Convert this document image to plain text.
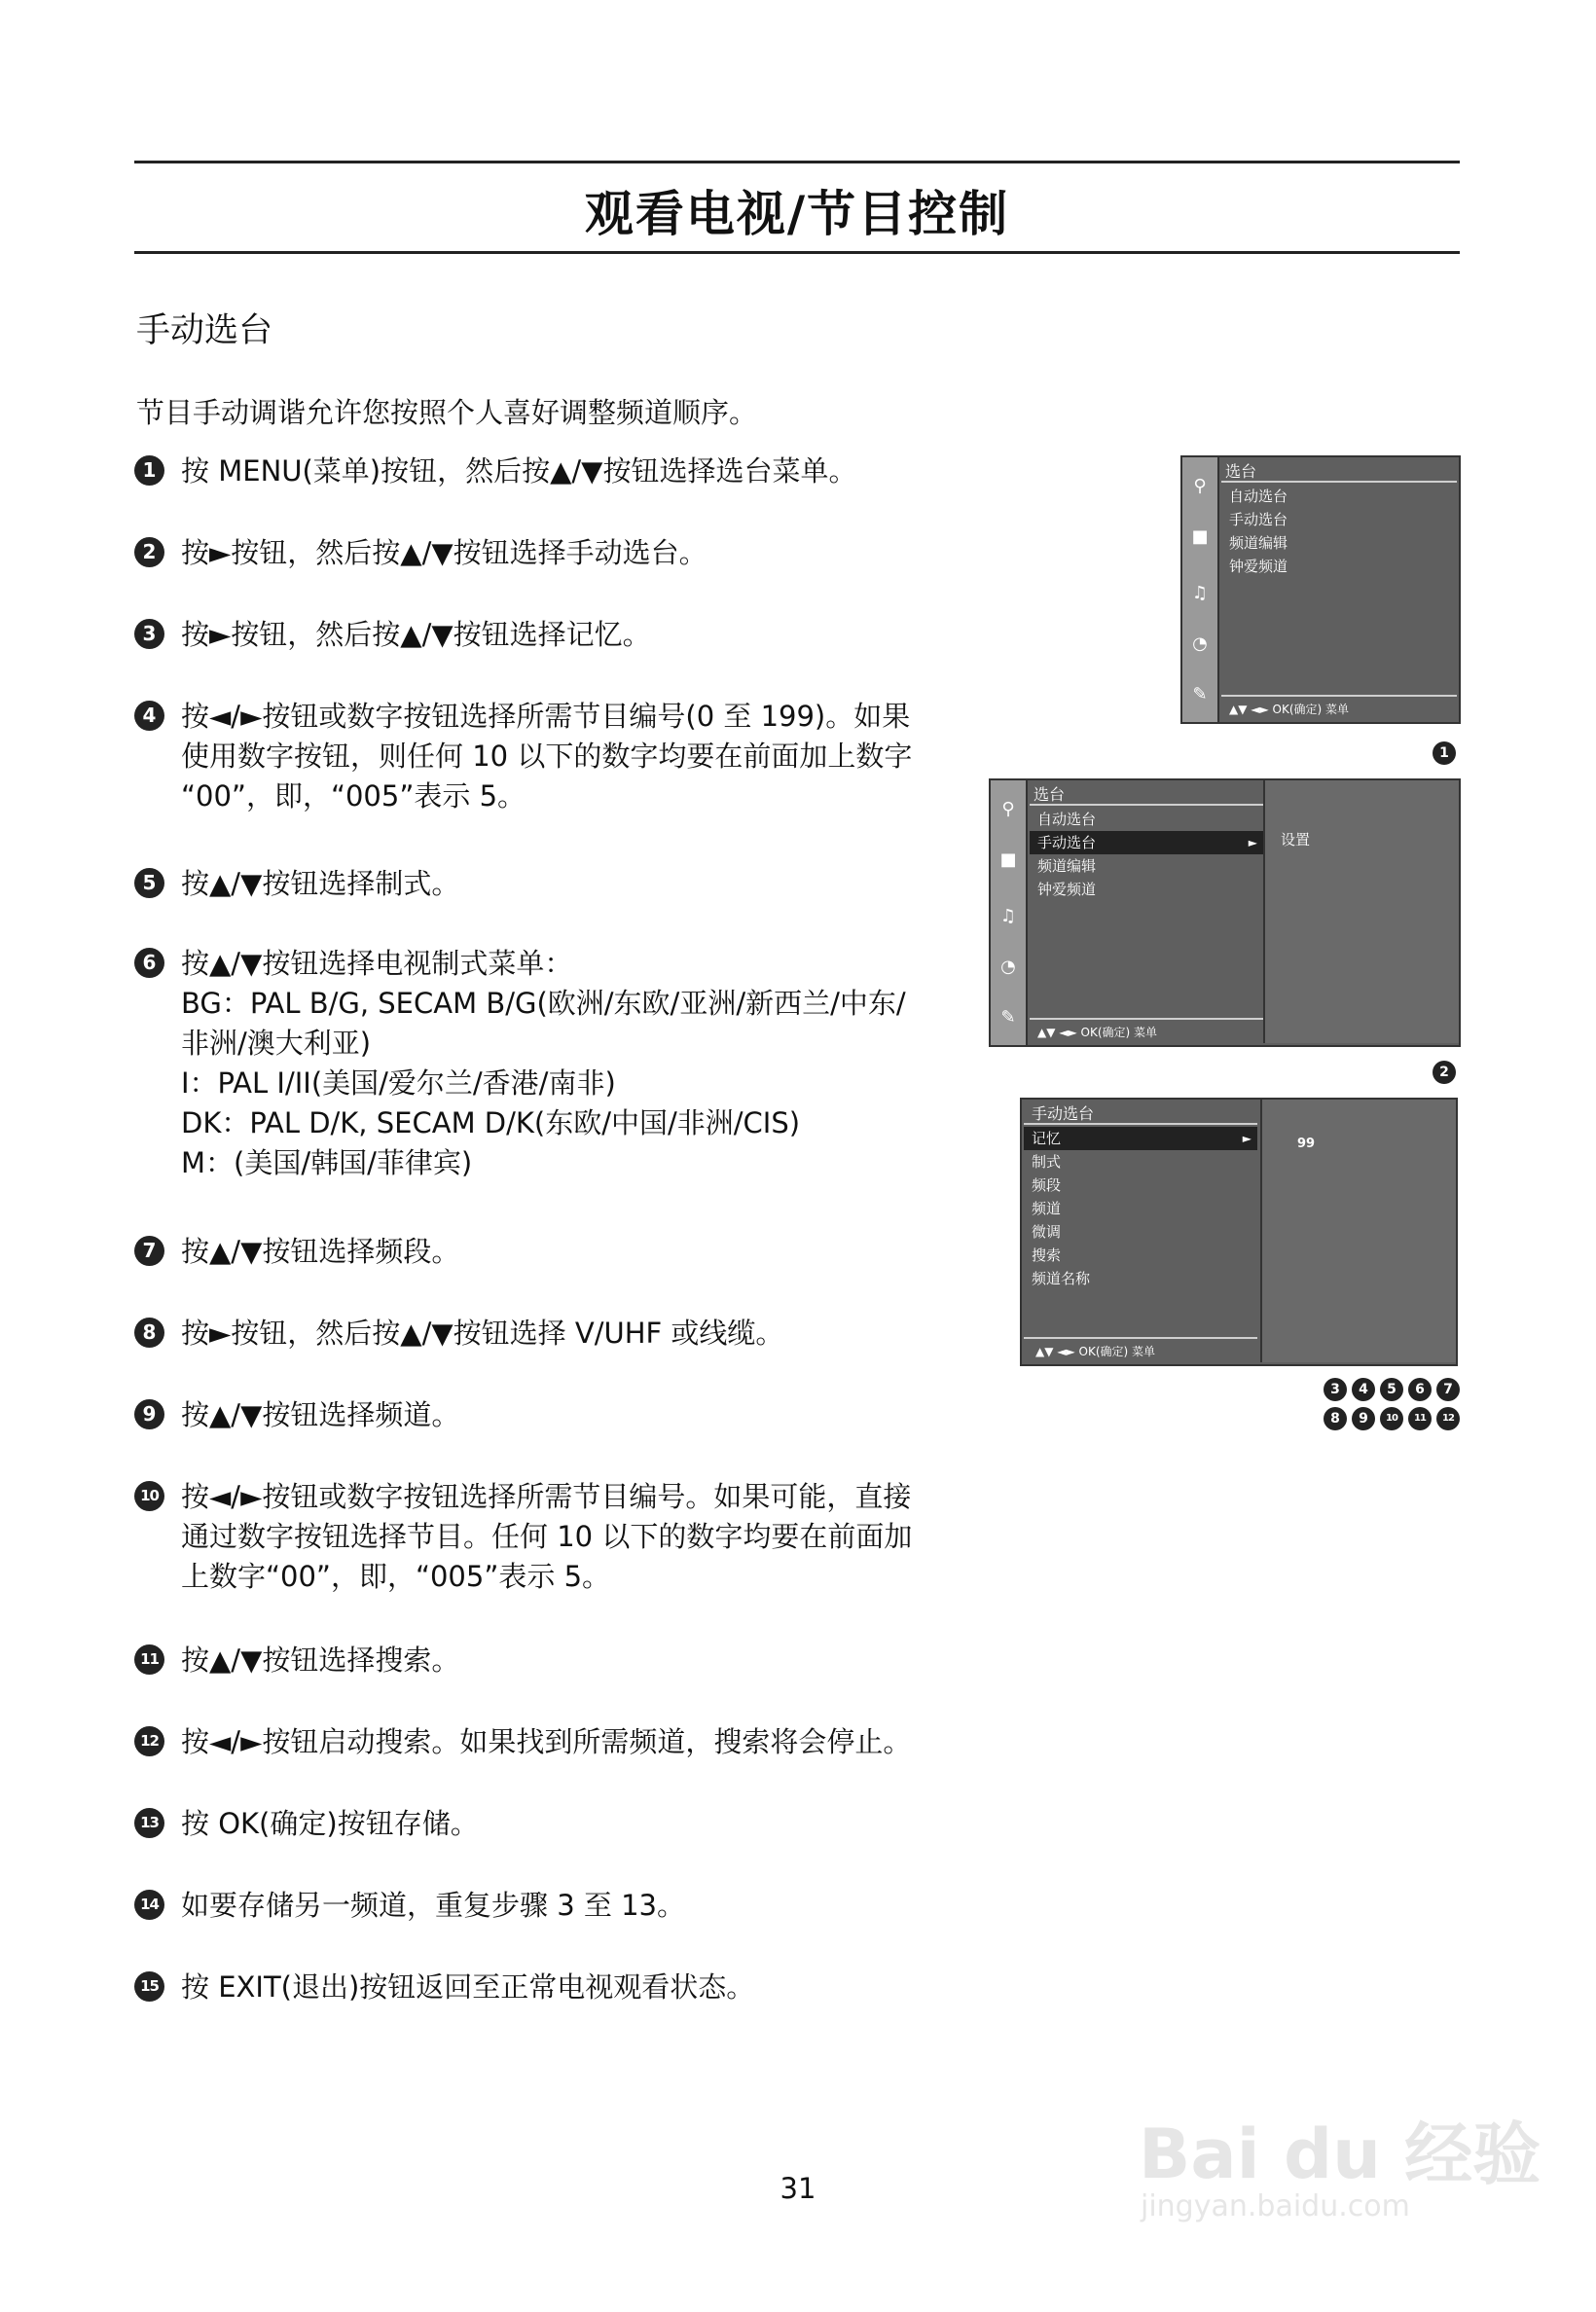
观看电视/节目控制
手动选台
节目手动调谐允许您按照个人喜好调整频道顺序。
1 按 MENU(菜单)按钮，然后按▲/▼按钮选择选台菜单。
2 按►按钮，然后按▲/▼按钮选择手动选台。
3 按►按钮，然后按▲/▼按钮选择记忆。
4 按◄/►按钮或数字按钮选择所需节目编号(0 至 199)。如果
使用数字按钮，则任何 10 以下的数字均要在前面加上数字
“00”，即，“005”表示 5。
5 按▲/▼按钮选择制式。
6 按▲/▼按钮选择电视制式菜单：
BG：PAL B/G, SECAM B/G(欧洲/东欧/亚洲/新西兰/中东/
非洲/澳大利亚)
I：PAL I/II(美国/爱尔兰/香港/南非)
DK：PAL D/K, SECAM D/K(东欧/中国/非洲/CIS)
M：(美国/韩国/菲律宾)
7 按▲/▼按钮选择频段。
8 按►按钮，然后按▲/▼按钮选择 V/UHF 或线缆。
9 按▲/▼按钮选择频道。
10 按◄/►按钮或数字按钮选择所需节目编号。如果可能，直接
通过数字按钮选择节目。任何 10 以下的数字均要在前面加
上数字“00”，即，“005”表示 5。
11 按▲/▼按钮选择搜索。
12 按◄/►按钮启动搜索。如果找到所需频道，搜索将会停止。
13 按 OK(确定)按钮存储。
14 如要存储另一频道，重复步骤 3 至 13。
15 按 EXIT(退出)按钮返回至正常电视观看状态。
⚲
■
♫
◔
✎
选台
自动选台
手动选台
频道编辑
钟爱频道
▲▼ ◄► OK(确定) 菜单
1
⚲
■
♫
◔
✎
选台
自动选台
手动选台	►
频道编辑
钟爱频道
设置
▲▼ ◄► OK(确定) 菜单
2
手动选台
记忆	►
制式
频段
频道
微调
搜索
频道名称
99
▲▼ ◄► OK(确定) 菜单
3	4	5	6	7
8	9	10	11	12
31	Bai du 经验
jingyan.baidu.com
